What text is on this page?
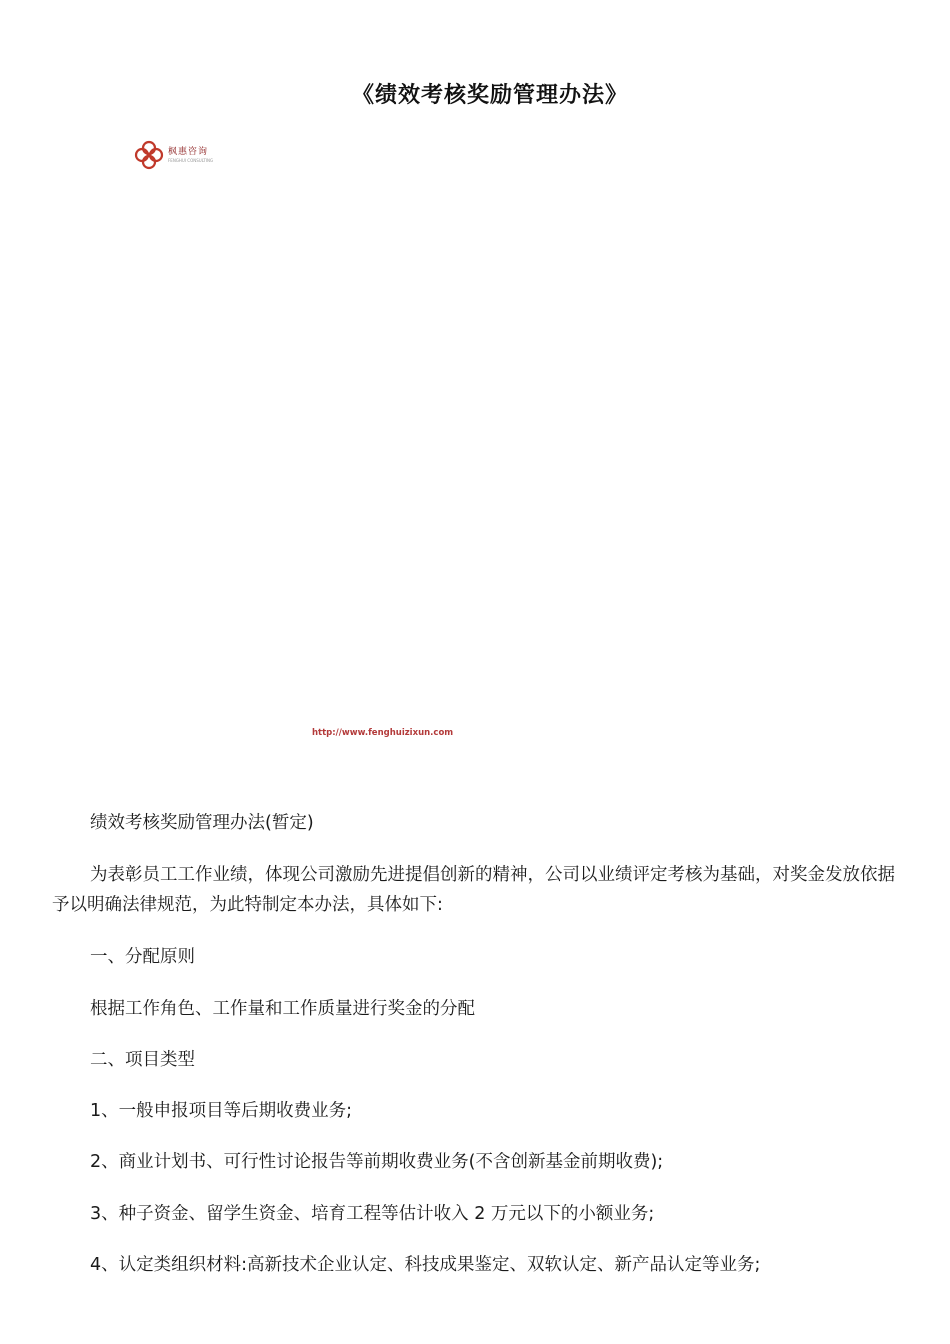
《绩效考核奖励管理办法》
枫惠咨询
FENGHUI CONSULTING
http://www.fenghuizixun.com

绩效考核奖励管理办法(暂定)

为表彰员工工作业绩，体现公司激励先进提倡创新的精神，公司以业绩评定考核为基础，对奖金发放依据予以明确法律规范，为此特制定本办法，具体如下:

一、分配原则

根据工作角色、工作量和工作质量进行奖金的分配

二、项目类型

1、一般申报项目等后期收费业务;

2、商业计划书、可行性讨论报告等前期收费业务(不含创新基金前期收费);

3、种子资金、留学生资金、培育工程等估计收入 2 万元以下的小额业务;

4、认定类组织材料:高新技术企业认定、科技成果鉴定、双软认定、新产品认定等业务;
